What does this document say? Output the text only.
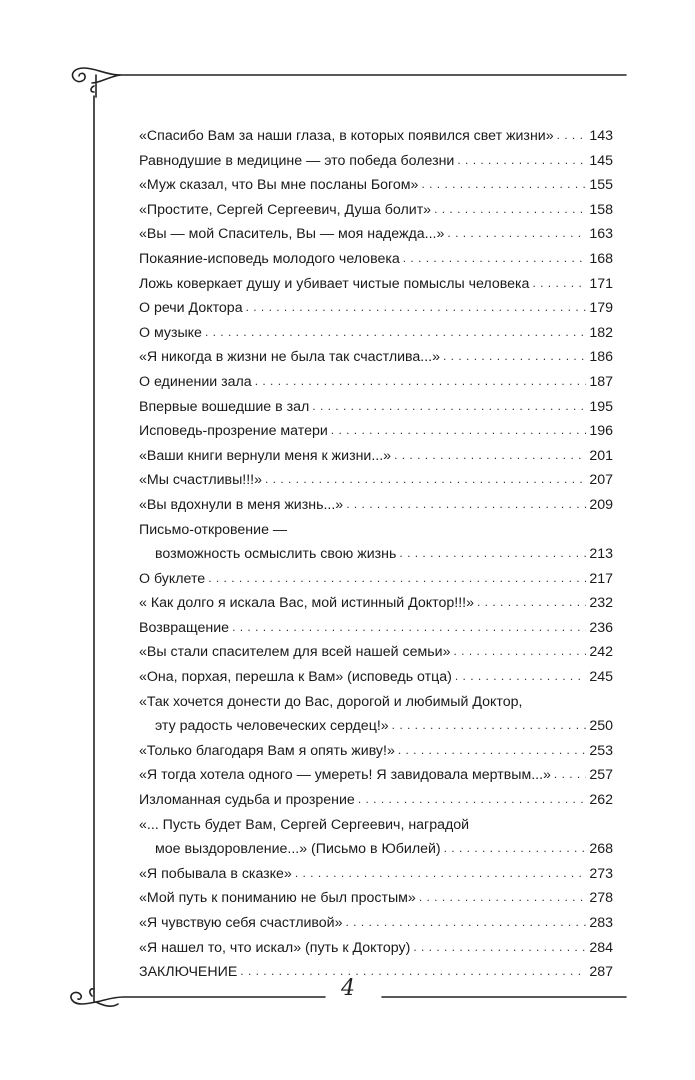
«Спасибо Вам за наши глаза, в которых появился свет жизни» . . .	143
Равнодушие в медицине — это победа болезни . . .	145
«Муж сказал, что Вы мне посланы Богом» . . .	155
«Простите, Сергей Сергеевич, Душа болит» . . .	158
«Вы — мой Спаситель, Вы — моя надежда...» . . .	163
Покаяние-исповедь молодого человека . . .	168
Ложь коверкает душу и убивает чистые помыслы человека . . .	171
О речи Доктора . . .	179
О музыке . . .	182
«Я никогда в жизни не была так счастлива...» . . .	186
О единении зала . . .	187
Впервые вошедшие в зал . . .	195
Исповедь-прозрение матери . . .	196
«Ваши книги вернули меня к жизни...» . . .	201
«Мы счастливы!!!» . . .	207
«Вы вдохнули в меня жизнь...» . . .	209
Письмо-откровение —
возможность осмыслить свою жизнь . . .	213
О буклете . . .	217
« Как долго я искала Вас, мой истинный Доктор!!!» . . .	232
Возвращение . . .	236
«Вы стали спасителем для всей нашей семьи» . . .	242
«Она, порхая, перешла к Вам» (исповедь отца) . . .	245
«Так хочется донести до Вас, дорогой и любимый Доктор,
эту радость человеческих сердец!» . . .	250
«Только благодаря Вам я опять живу!» . . .	253
«Я тогда хотела одного — умереть! Я завидовала мертвым...» . . .	257
Изломанная судьба и прозрение . . .	262
«... Пусть будет Вам, Сергей Сергеевич, наградой
мое выздоровление...» (Письмо в Юбилей) . . .	268
«Я побывала в сказке» . . .	273
«Мой путь к пониманию не был простым» . . .	278
«Я чувствую себя счастливой» . . .	283
«Я нашел то, что искал» (путь к Доктору) . . .	284
ЗАКЛЮЧЕНИЕ . . .	287
4
